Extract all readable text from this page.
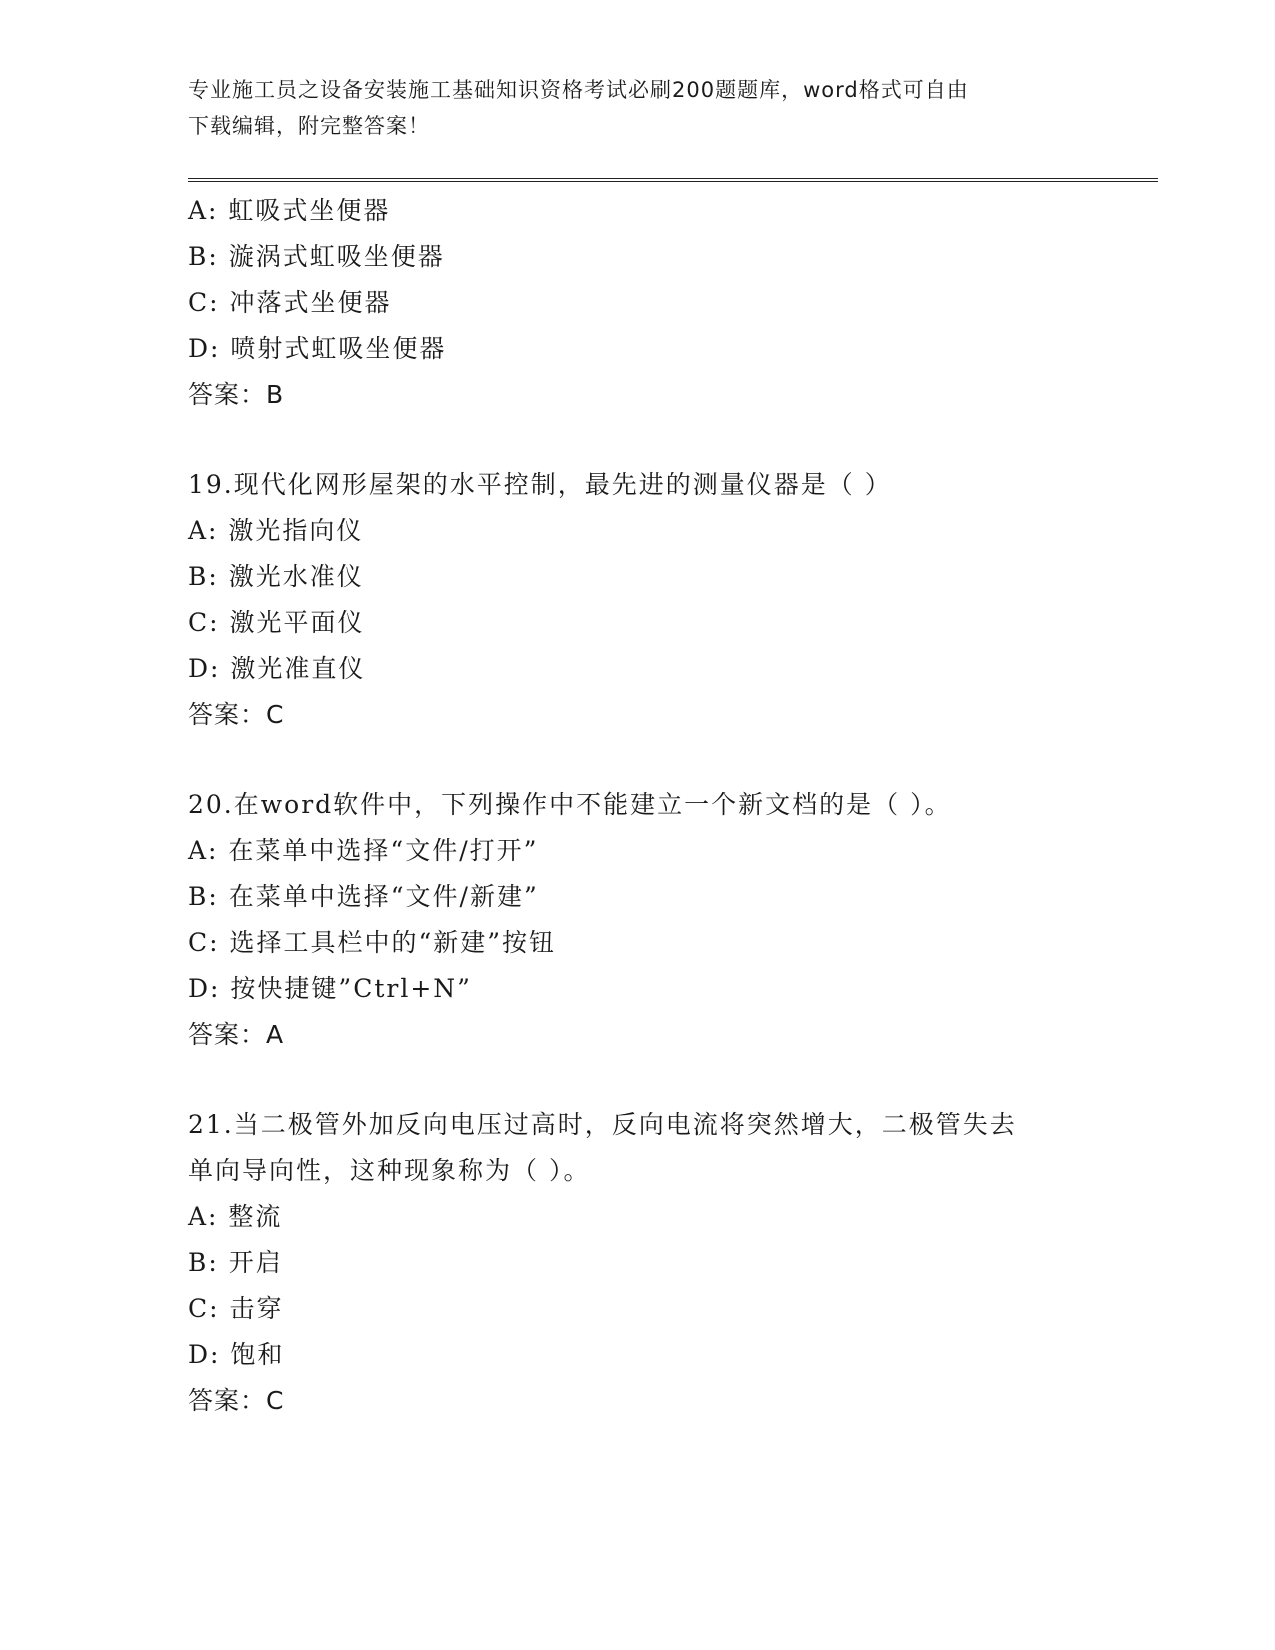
专业施工员之设备安装施工基础知识资格考试必刷200题题库，word格式可自由
下载编辑，附完整答案！
A: 虹吸式坐便器
B: 漩涡式虹吸坐便器
C: 冲落式坐便器
D: 喷射式虹吸坐便器
答案：B
19.现代化网形屋架的水平控制，最先进的测量仪器是（ ）
A: 激光指向仪
B: 激光水准仪
C: 激光平面仪
D: 激光准直仪
答案：C
20.在word软件中，下列操作中不能建立一个新文档的是（ ）。
A: 在菜单中选择“文件/打开”
B: 在菜单中选择“文件/新建”
C: 选择工具栏中的“新建”按钮
D: 按快捷键”Ctrl+N”
答案：A
21.当二极管外加反向电压过高时，反向电流将突然增大，二极管失去
单向导向性，这种现象称为（ ）。
A: 整流
B: 开启
C: 击穿
D: 饱和
答案：C
